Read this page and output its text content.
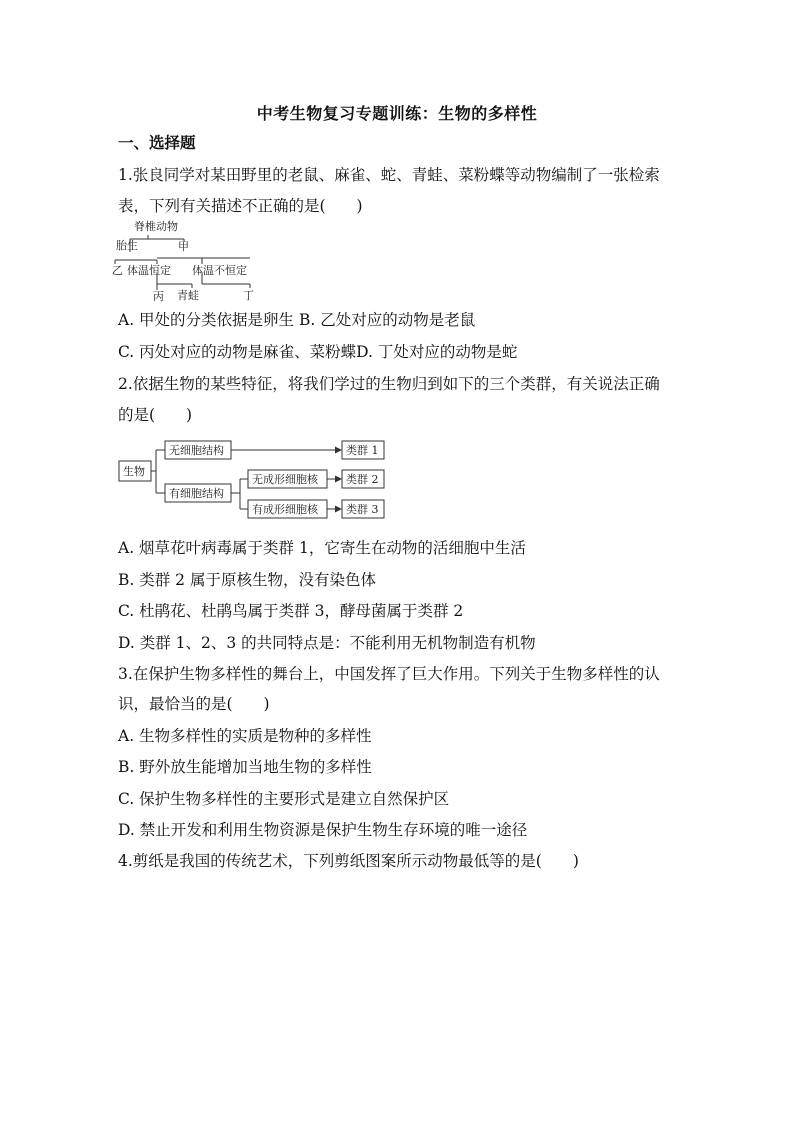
中考生物复习专题训练：生物的多样性
一、选择题
1.张良同学对某田野里的老鼠、麻雀、蛇、青蛙、菜粉蝶等动物编制了一张检索
表，下列有关描述不正确的是(　　)
脊椎动物
胎生	甲
乙 体温恒定 体温不恒定
丙 青蛙	丁
A. 甲处的分类依据是卵生 B. 乙处对应的动物是老鼠
C. 丙处对应的动物是麻雀、菜粉蝶D. 丁处对应的动物是蛇
2.依据生物的某些特征，将我们学过的生物归到如下的三个类群，有关说法正确
的是(　　)
生物
无细胞结构
有细胞结构
无成形细胞核
有成形细胞核
类群 1
类群 2
类群 3
A. 烟草花叶病毒属于类群 1，它寄生在动物的活细胞中生活
B. 类群 2 属于原核生物，没有染色体
C. 杜鹃花、杜鹃鸟属于类群 3，酵母菌属于类群 2
D. 类群 1、2、3 的共同特点是：不能利用无机物制造有机物
3.在保护生物多样性的舞台上，中国发挥了巨大作用。下列关于生物多样性的认
识，最恰当的是(　　)
A. 生物多样性的实质是物种的多样性
B. 野外放生能增加当地生物的多样性
C. 保护生物多样性的主要形式是建立自然保护区
D. 禁止开发和利用生物资源是保护生物生存环境的唯一途径
4.剪纸是我国的传统艺术，下列剪纸图案所示动物最低等的是(　　)
